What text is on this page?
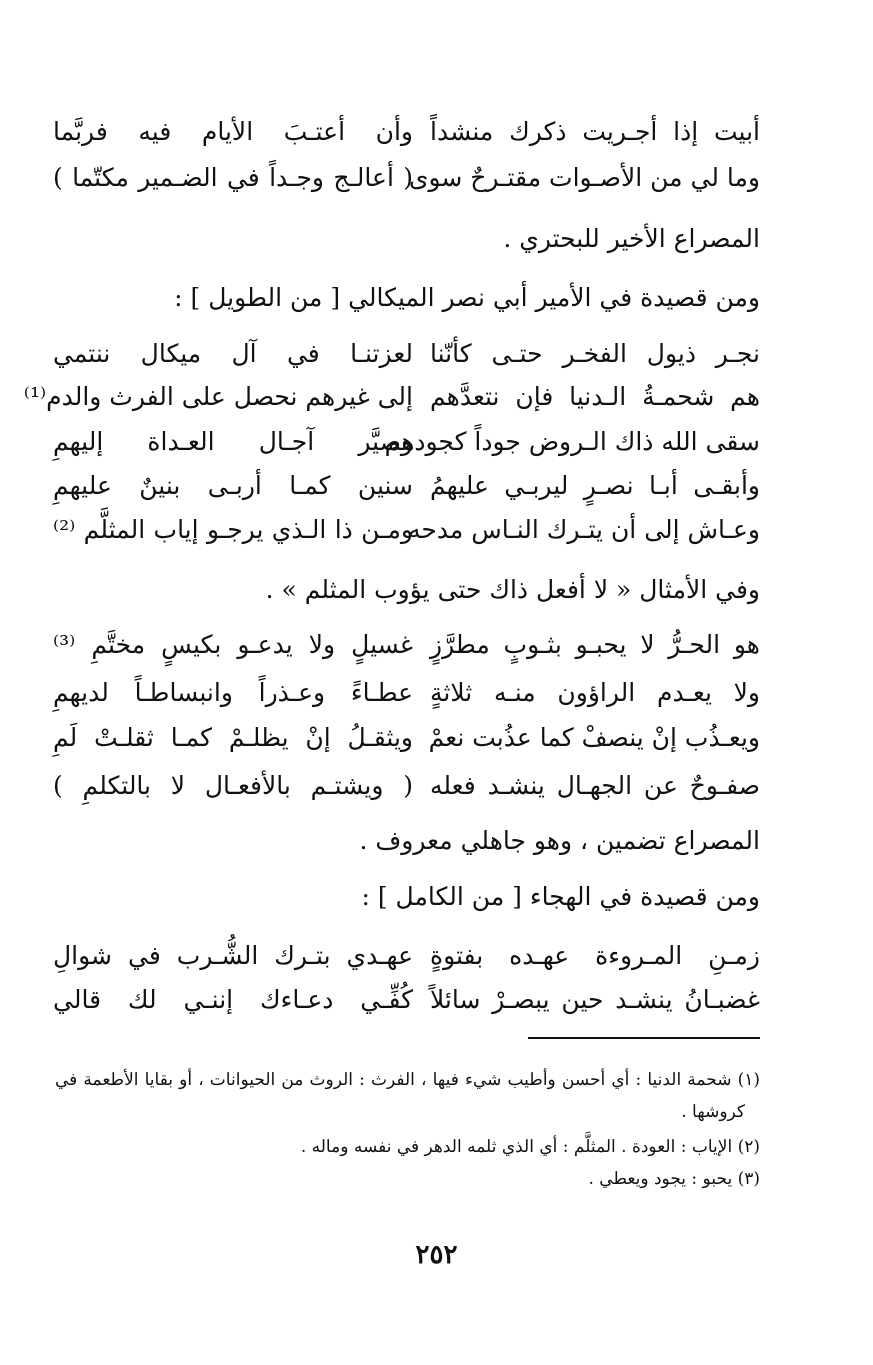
أبيت إذا أجـريت ذكرك منشداً
وأن أعتـبَ الأيام فيه فربَّما
وما لي من الأصـوات مقتـرحٌ سوى
( أعالـج وجـداً في الضـمير مكتّما )
المصراع الأخير للبحتري .
ومن قصيدة في الأمير أبي نصر الميكالي [ من الطويل ] :
نجـر ذيول الفخـر حتـى كأنّنا
لعزتنـا في آل ميكال ننتمي
هم شحمـةُ الـدنيا فإن نتعدَّهم
إلى غيرهم نحصل على الفرث والدم⁽¹⁾
سقى الله ذاك الـروض جوداً كجودهم
وصيَّر آجـال العـداة إليهمِ
وأبقـى أبـا نصـرٍ ليربـي عليهمُ
سنين كمـا أربـى بنينٌ عليهمِ
وعـاش إلى أن يتـرك النـاس مدحه
ومـن ذا الـذي يرجـو إياب المثلَّم ⁽²⁾
وفي الأمثال « لا أفعل ذاك حتى يؤوب المثلم » .
هو الحـرُّ لا يحبـو بثـوبٍ مطرَّزٍ
غسيلٍ ولا يدعـو بكيسٍ مختَّمِ ⁽³⁾
ولا يعـدم الراؤون منـه ثلاثةٍ
عطـاءً وعـذراً وانبساطـاً لديهمِ
ويعـذُب إنْ ينصفْ كما عذُبت نعمْ
ويثقـلُ إنْ يظلـمْ كمـا ثقلـتْ لَمِ
صفـوحٌ عن الجهـال ينشـد فعله
( ويشتـم بالأفعـال لا بالتكلمِ )
المصراع تضمين ، وهو جاهلي معروف .
ومن قصيدة في الهجاء [ من الكامل ] :
زمـنِ المـروءة عهـده بفتوةٍ
عهـدي بتـرك الشُّـرب في شوالِ
غضبـانُ ينشـد حين يبصـرْ سائلاً
كُفِّـي دعـاءك إننـي لك قالي
(١) شحمة الدنيا : أي أحسن وأطيب شيء فيها ، الفرث : الروث من الحيوانات ، أو بقايا الأطعمة في
كروشها .
(٢) الإياب : العودة . المثلَّم : أي الذي ثلمه الدهر في نفسه وماله .
(٣) يحبو : يجود ويعطي .
٢٥٢
